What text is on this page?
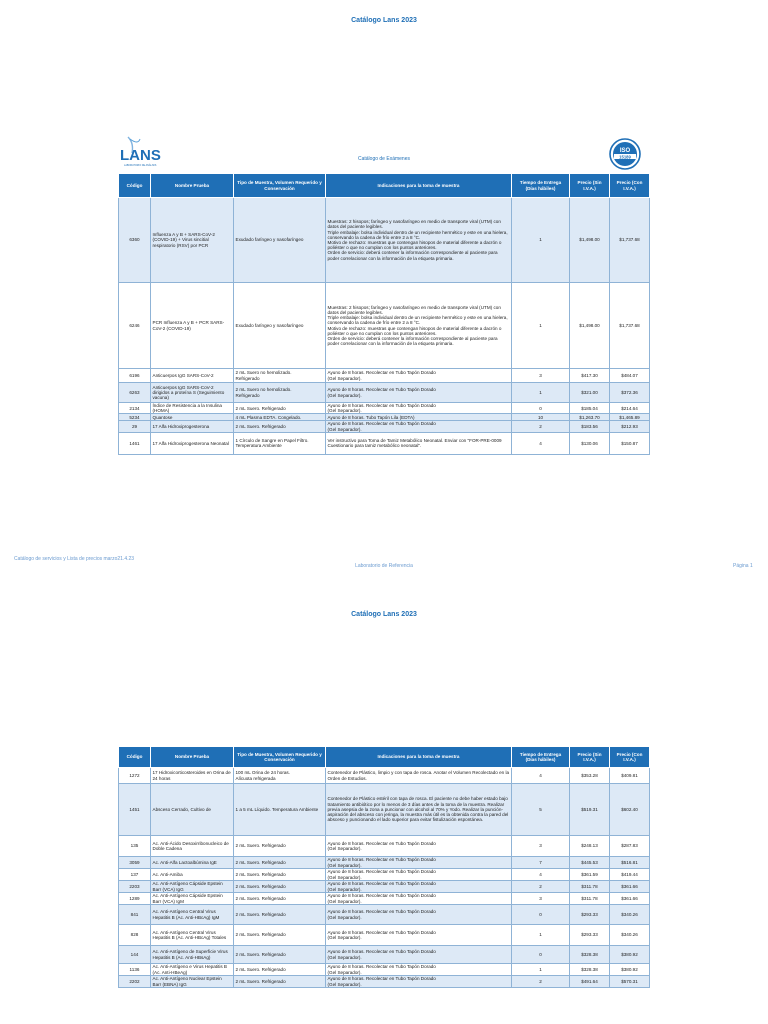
Catálogo Lans 2023
LANS
LABORATORIO DE ANÁLISIS
ISO
15189
Catálogo de Exámenes
Código	Nombre Prueba	Tipo de Muestra, Volumen Requerido y Conservación	Indicaciones para la toma de muestra	Tiempo de Entrega (Días hábiles)	Precio (Sin I.V.A.)	Precio (Con I.V.A.)
6360	Influenza A y B + SARS-CoV-2 (COVID-19) + Virus sincitial respiratorio (RSV) por PCR	Exudado faríngeo y nasofaríngeo	Muestras: 2 hisopos; faríngeo y nasofaríngeo en medio de transporte viral (UTM) con datos del paciente legibles.
Triple embalaje: bolsa individual dentro de un recipiente hermético y este en una hielera, conservando la cadena de frío entre 2 a 8 °C.
Motivo de rechazo: muestras que contengan hisopos de material diferente a dacrón o poliéster o que no cumplan con los puntos anteriores.
Orden de servicio: deberá contener la información correspondiente al paciente para poder correlacionar con la información de la etiqueta primaria.	1	$1,498.00	$1,737.68
6246	PCR Influenza A y B + PCR SARS-CoV-2 (COVID-19)	Exudado faríngeo y nasofaríngeo	Muestras: 2 hisopos; faríngeo y nasofaríngeo en medio de transporte viral (UTM) con datos del paciente legibles.
Triple embalaje: bolsa individual dentro de un recipiente hermético y este en una hielera, conservando la cadena de frío entre 2 a 8 °C.
Motivo de rechazo: muestras que contengan hisopos de material diferente a dacrón o poliéster o que no cumplan con los puntos anteriores.
Orden de servicio: deberá contener la información correspondiente al paciente para poder correlacionar con la información de la etiqueta primaria.	1	$1,498.00	$1,737.68
6196	Anticuerpos IgG SARS-CoV-2	2 mL Suero no hemolizado.
Refrigerado	Ayuno de 8 horas. Recolectar en Tubo Tapón Dorado
(Gel Separador).	3	$417.30	$484.07
6263	Anticuerpos IgG SARS-CoV-2 dirigidos a proteína S (Seguimiento vacuna)	2 mL Suero no hemolizado.
Refrigerado	Ayuno de 8 horas. Recolectar en Tubo Tapón Dorado
(Gel Separador).	1	$321.00	$372.36
2134	Índice de Resistencia a la Insulina (HOMA)	2 mL Suero. Refrigerado	Ayuno de 8 horas. Recolectar en Tubo Tapón Dorado
(Gel Separador).	0	$185.04	$214.64
5234	Quantose	4 mL Plasma EDTA. Congelado.	Ayuno de 8 horas. Tubo Tapón Lila (EDTA)	10	$1,263.70	$1,465.89
29	17 Alfa Hidroxiprogesterona	2 mL Suero. Refrigerado	Ayuno de 8 horas. Recolectar en Tubo Tapón Dorado
(Gel Separador).	2	$183.56	$212.93
1461	17 Alfa Hidroxiprogesterona Neonatal	1 Círculo de Sangre en Papel Filtro.
Temperatura Ambiente	Ver instructivo para Toma de Tamiz Metabólico Neonatal. Enviar con "FOR-PRE-0009 Cuestionario para tamiz metabólico neonatal".	4	$130.06	$150.87
Catálogo de servicios y Lista de precios marzo21.4.23
Laboratorio de Referencia	Página 1
Catálogo Lans 2023
Código	Nombre Prueba	Tipo de Muestra, Volumen Requerido y Conservación	Indicaciones para la toma de muestra	Tiempo de Entrega (Días hábiles)	Precio (Sin I.V.A.)	Precio (Con I.V.A.)
1272	17 Hidroxicorticosteroides en Orina de 24 horas	100 mL Orina de 24 horas.
Alícuota refrigerada	Contenedor de Plástico, limpio y con tapa de rosca. Anotar el Volumen Recolectado en la Orden de Estudios.	4	$353.28	$409.81
1451	Absceso Cerrado, Cultivo de	1 a 5 mL Líquido. Temperatura Ambiente	Contenedor de Plástico estéril con tapa de rosca. El paciente no debe haber estado bajo tratamiento antibiótico por lo menos de 3 días antes de la toma de la muestra. Realizar previa asepsia de la zona a puncionar con alcohol al 70% y Yodo. Realizar la punción-aspiración del absceso con jeringa, la muestra más útil es la obtenida contra la pared del absceso y puncionando el lado superior para evitar fistulización espontánea.	5	$519.31	$602.40
135	Ac. Anti-Ácido Desoxirribonucleico de Doble Cadena	2 mL Suero. Refrigerado	Ayuno de 8 horas. Recolectar en Tubo Tapón Dorado
(Gel Separador).	3	$248.13	$287.83
3059	Ac. Anti-Alfa Lactoalbúmina IgE	2 mL Suero. Refrigerado	Ayuno de 8 horas. Recolectar en Tubo Tapón Dorado
(Gel Separador).	7	$445.53	$516.81
137	Ac. Anti-Amiba	2 mL Suero. Refrigerado	Ayuno de 8 horas. Recolectar en Tubo Tapón Dorado
(Gel Separador).	4	$361.59	$419.44
2203	Ac. Anti-Antígeno Cápside Epstein Barr (VCA) IgG	2 mL Suero. Refrigerado	Ayuno de 8 horas. Recolectar en Tubo Tapón Dorado
(Gel Separador).	2	$311.78	$361.66
1289	Ac. Anti-Antígeno Cápside Epstein Barr (VCA) IgM	2 mL Suero. Refrigerado	Ayuno de 8 horas. Recolectar en Tubo Tapón Dorado
(Gel Separador).	3	$311.78	$361.66
841	Ac. Anti-Antígeno Central Virus Hepatitis B (Ac. Anti-HBcAg) IgM	2 mL Suero. Refrigerado	Ayuno de 8 horas. Recolectar en Tubo Tapón Dorado
(Gel Separador).	0	$293.33	$340.26
828	Ac. Anti-Antígeno Central Virus Hepatitis B (Ac. Anti-HBcAg) Totales	2 mL Suero. Refrigerado	Ayuno de 8 horas. Recolectar en Tubo Tapón Dorado
(Gel Separador).	1	$293.33	$340.26
144	Ac. Anti-Antígeno de Superficie Virus Hepatitis B (Ac. Anti-HBsAg)	2 mL Suero. Refrigerado	Ayuno de 8 horas. Recolectar en Tubo Tapón Dorado
(Gel Separador).	0	$328.38	$380.92
1136	Ac. Anti-Antígeno e Virus Hepatitis B (Ac. Anti-HBeAg)	2 mL Suero. Refrigerado	Ayuno de 8 horas. Recolectar en Tubo Tapón Dorado
(Gel Separador).	1	$328.38	$380.92
2202	Ac. Anti-Antígeno Nuclear Epstein Barr (EBNA) IgG	2 mL Suero. Refrigerado	Ayuno de 8 horas. Recolectar en Tubo Tapón Dorado
(Gel Separador).	2	$491.64	$570.31
